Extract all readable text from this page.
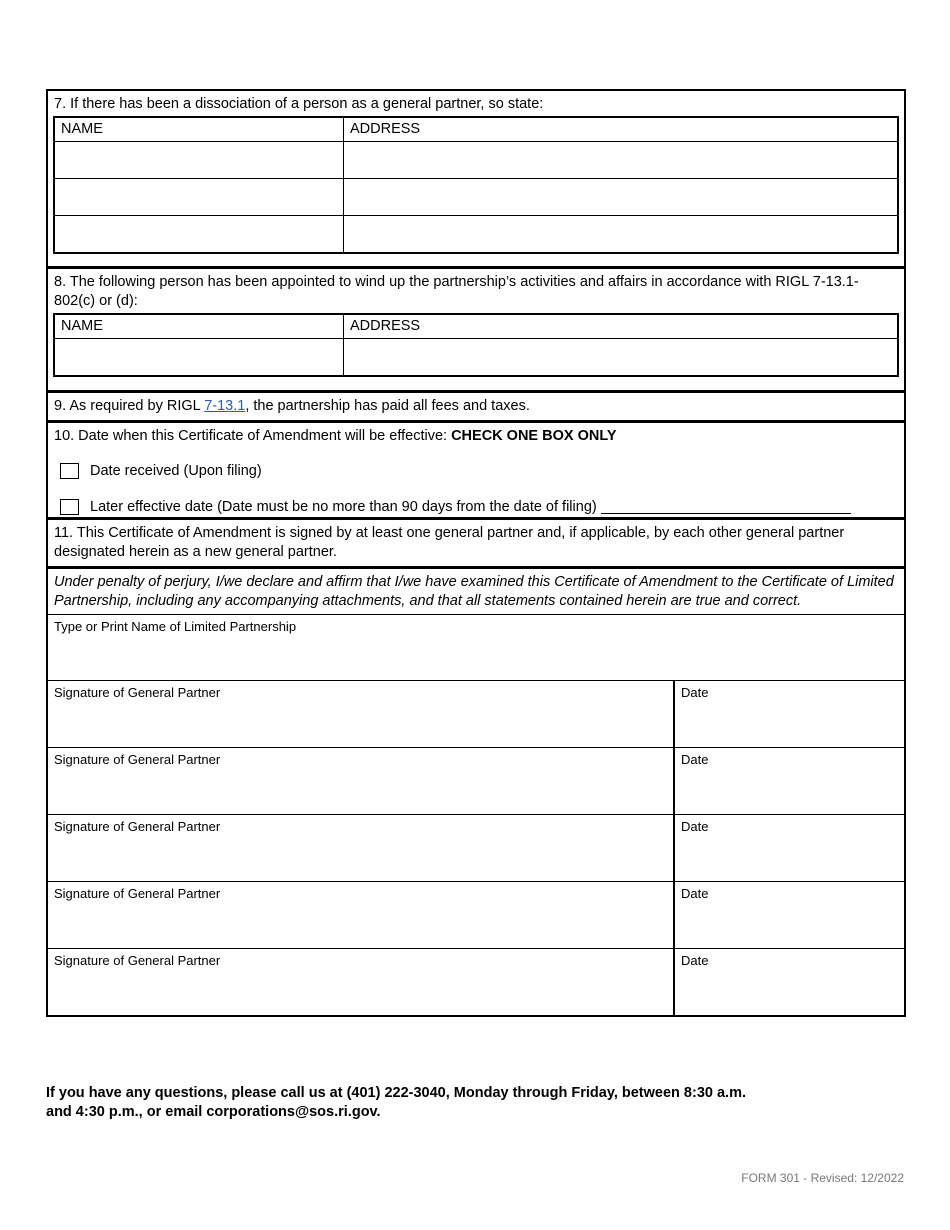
7. If there has been a dissociation of a person as a general partner, so state:
NAME	ADDRESS
8. The following person has been appointed to wind up the partnership’s activities and affairs in accordance with RIGL 7-13.1-802(c) or (d):
NAME	ADDRESS
9. As required by RIGL 7-13.1, the partnership has paid all fees and taxes.
10. Date when this Certificate of Amendment will be effective: CHECK ONE BOX ONLY
Date received (Upon filing)
Later effective date (Date must be no more than 90 days from the date of filing)
11. This Certificate of Amendment is signed by at least one general partner and, if applicable, by each other general partner designated herein as a new general partner.
Under penalty of perjury, I/we declare and affirm that I/we have examined this Certificate of Amendment to the Certificate of Limited Partnership, including any accompanying attachments, and that all statements contained herein are true and correct.
Type or Print Name of Limited Partnership
Signature of General Partner	Date
Signature of General Partner	Date
Signature of General Partner	Date
Signature of General Partner	Date
Signature of General Partner	Date
If you have any questions, please call us at (401) 222-3040, Monday through Friday, between 8:30 a.m.
and 4:30 p.m., or email corporations@sos.ri.gov.
FORM 301 - Revised: 12/2022
